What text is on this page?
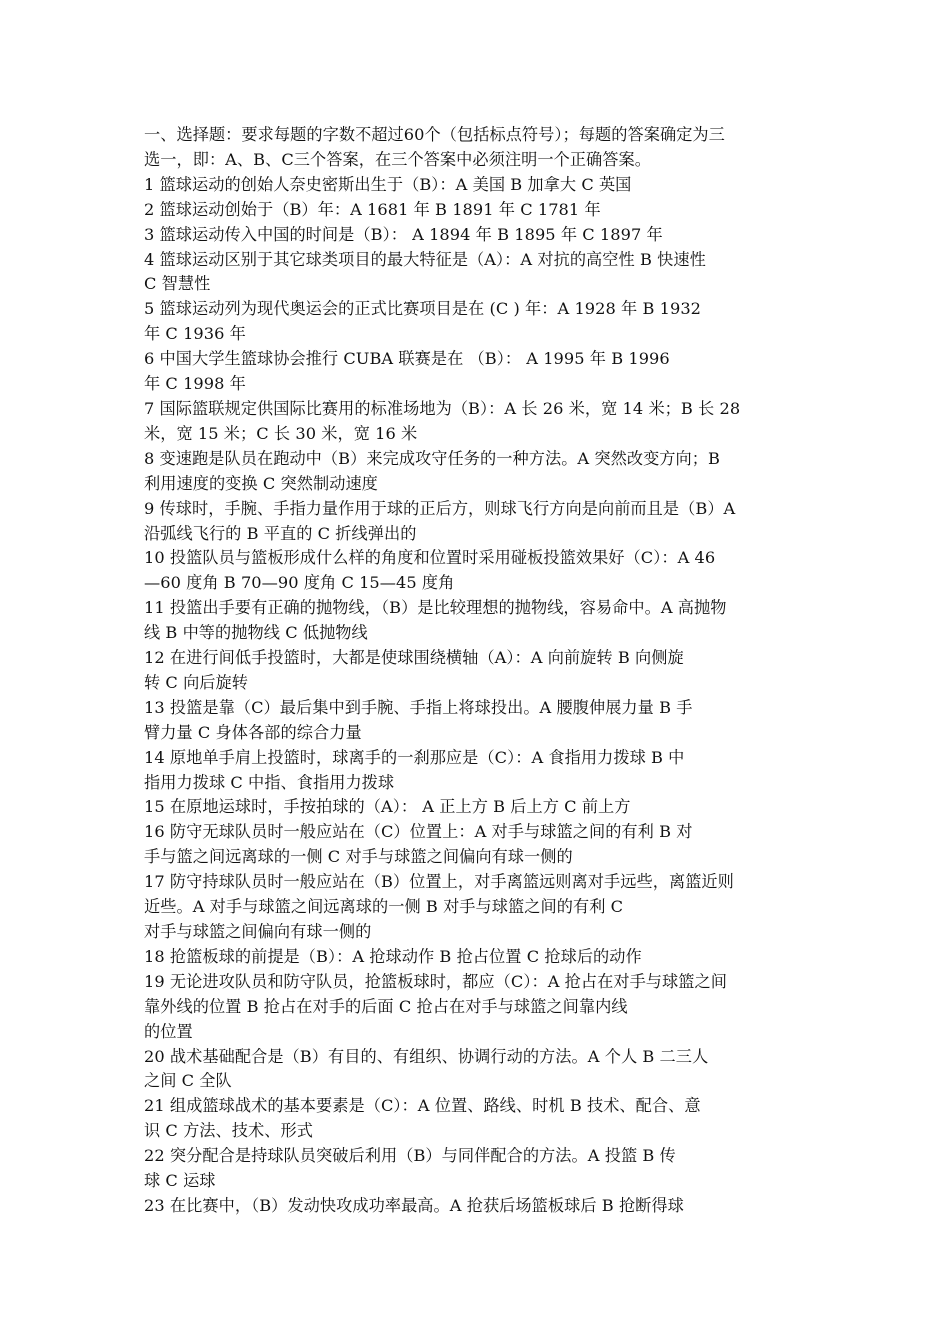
一、选择题：要求每题的字数不超过60个（包括标点符号）；每题的答案确定为三
选一，即：A、B、C三个答案，在三个答案中必须注明一个正确答案。
1 篮球运动的创始人奈史密斯出生于（B）：A 美国 B 加拿大 C 英国
2 篮球运动创始于（B）年：A 1681 年 B 1891 年 C 1781 年
3 篮球运动传入中国的时间是（B）： A 1894 年 B 1895 年 C 1897 年
4 篮球运动区别于其它球类项目的最大特征是（A）：A 对抗的高空性 B 快速性
C 智慧性
5 篮球运动列为现代奥运会的正式比赛项目是在 (C ) 年：A 1928 年 B 1932
年 C 1936 年
6 中国大学生篮球协会推行 CUBA 联赛是在 （B）： A 1995 年 B 1996
年 C 1998 年
7 国际篮联规定供国际比赛用的标准场地为（B）：A 长 26 米，宽 14 米；B 长 28
米，宽 15 米；C 长 30 米，宽 16 米
8 变速跑是队员在跑动中（B）来完成攻守任务的一种方法。A 突然改变方向；B
利用速度的变换 C 突然制动速度
9 传球时，手腕、手指力量作用于球的正后方，则球飞行方向是向前而且是（B）A
沿弧线飞行的 B 平直的 C 折线弹出的
10 投篮队员与篮板形成什么样的角度和位置时采用碰板投篮效果好（C）：A 46
—60 度角 B 70—90 度角 C 15—45 度角
11 投篮出手要有正确的抛物线，（B）是比较理想的抛物线，容易命中。A 高抛物
线 B 中等的抛物线 C 低抛物线
12 在进行间低手投篮时，大都是使球围绕横轴（A）：A 向前旋转 B 向侧旋
转 C 向后旋转
13 投篮是靠（C）最后集中到手腕、手指上将球投出。A 腰腹伸展力量 B 手
臂力量 C 身体各部的综合力量
14 原地单手肩上投篮时，球离手的一刹那应是（C）：A 食指用力拨球 B 中
指用力拨球 C 中指、食指用力拨球
15 在原地运球时，手按拍球的（A）： A 正上方 B 后上方 C 前上方
16 防守无球队员时一般应站在（C）位置上：A 对手与球篮之间的有利 B 对
手与篮之间远离球的一侧 C 对手与球篮之间偏向有球一侧的
17 防守持球队员时一般应站在（B）位置上，对手离篮远则离对手远些，离篮近则
近些。A 对手与球篮之间远离球的一侧 B 对手与球篮之间的有利 C
对手与球篮之间偏向有球一侧的
18 抢篮板球的前提是（B）：A 抢球动作 B 抢占位置 C 抢球后的动作
19 无论进攻队员和防守队员，抢篮板球时，都应（C）：A 抢占在对手与球篮之间
靠外线的位置 B 抢占在对手的后面 C 抢占在对手与球篮之间靠内线
的位置
20 战术基础配合是（B）有目的、有组织、协调行动的方法。A 个人 B 二三人
之间 C 全队
21 组成篮球战术的基本要素是（C）：A 位置、路线、时机 B 技术、配合、意
识 C 方法、技术、形式
22 突分配合是持球队员突破后利用（B）与同伴配合的方法。A 投篮 B 传
球 C 运球
23 在比赛中，（B）发动快攻成功率最高。A 抢获后场篮板球后 B 抢断得球
